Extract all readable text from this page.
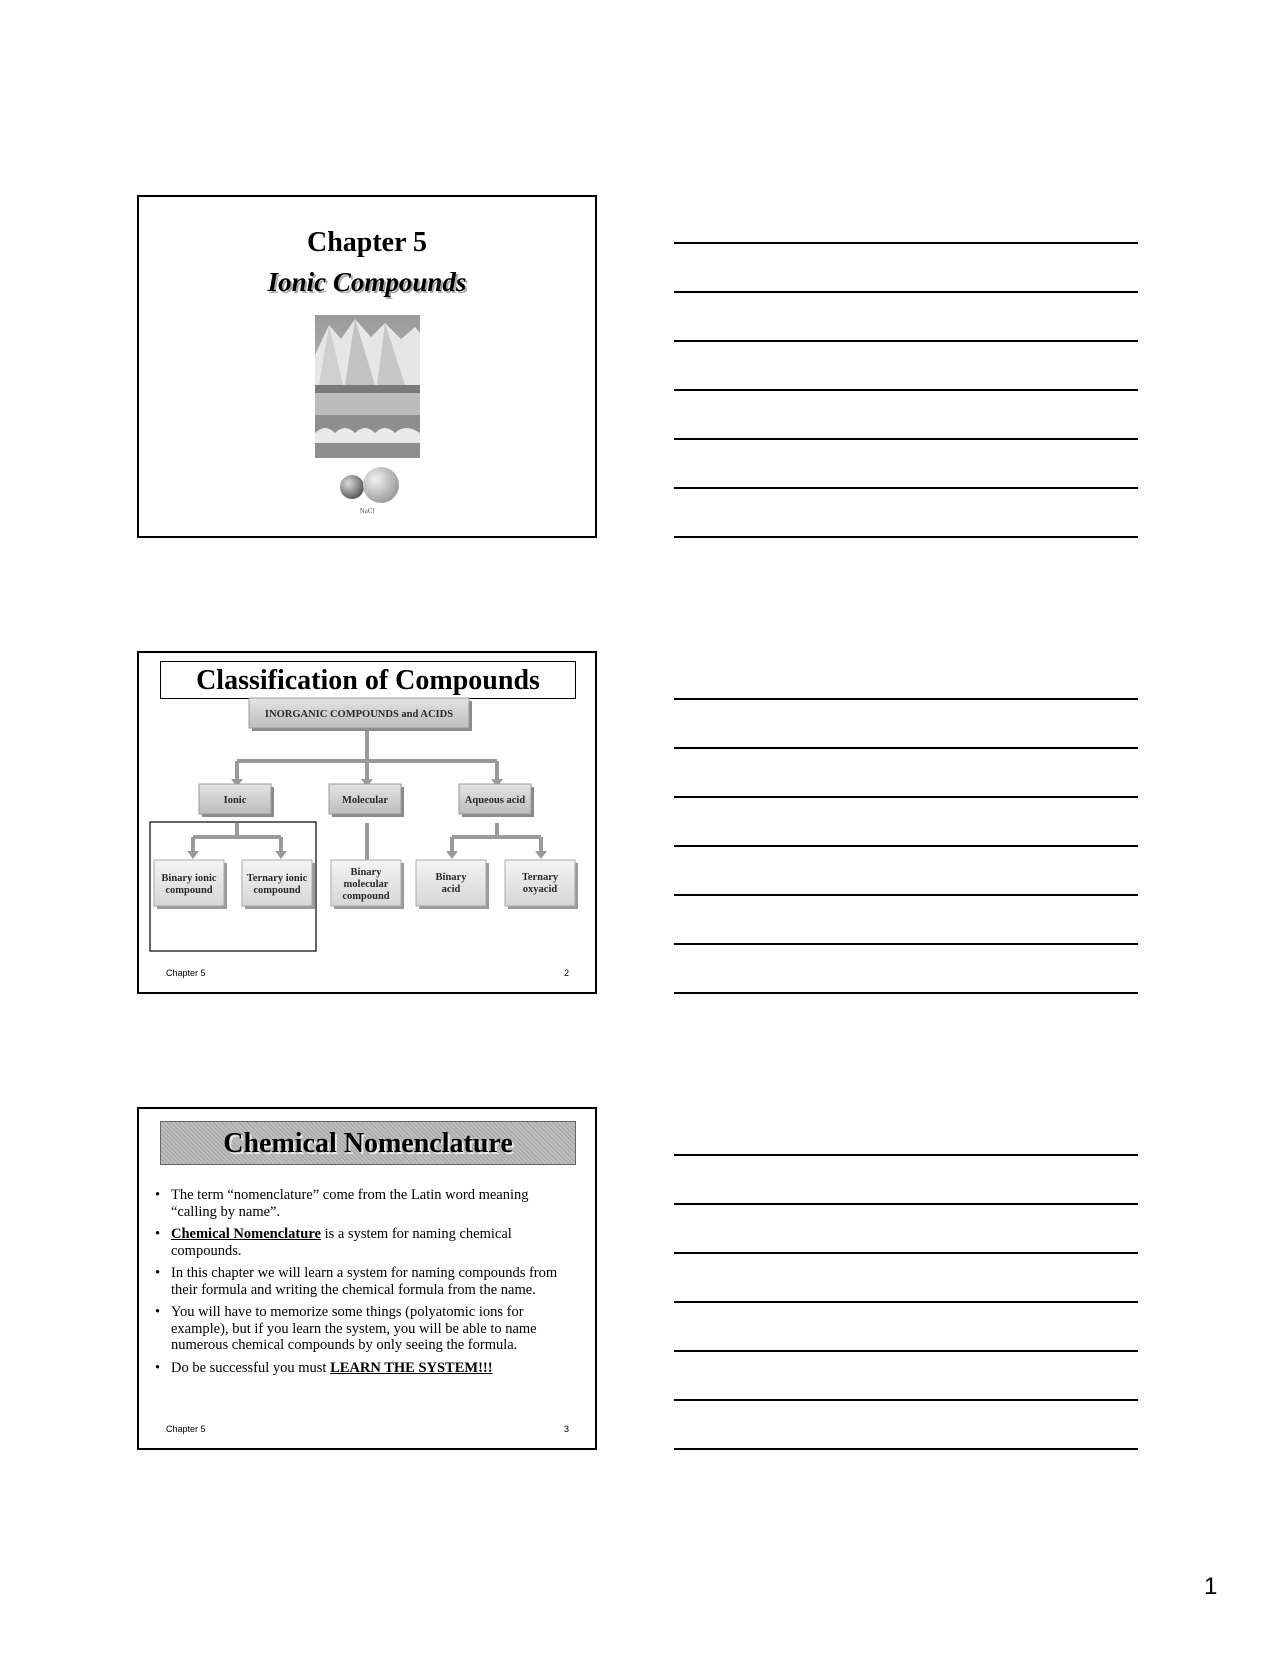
Chapter 5
Ionic Compounds
NaCl
Classification of Compounds
INORGANIC COMPOUNDS and ACIDS
Ionic	Molecular	Aqueous acid
Binary ionic
compound
Ternary ionic
compound
Binary
molecular
compound
Binary
acid
Ternary
oxyacid
Chapter 5	2
Chemical Nomenclature
• The term “nomenclature” come from the Latin word meaning “calling by name”.
• Chemical Nomenclature is a system for naming chemical compounds.
• In this chapter we will learn a system for naming compounds from their formula and writing the chemical formula from the name.
• You will have to memorize some things (polyatomic ions for example), but if you learn the system, you will be able to name numerous chemical compounds by only seeing the formula.
• Do be successful you must LEARN THE SYSTEM!!!
Chapter 5	3
1
